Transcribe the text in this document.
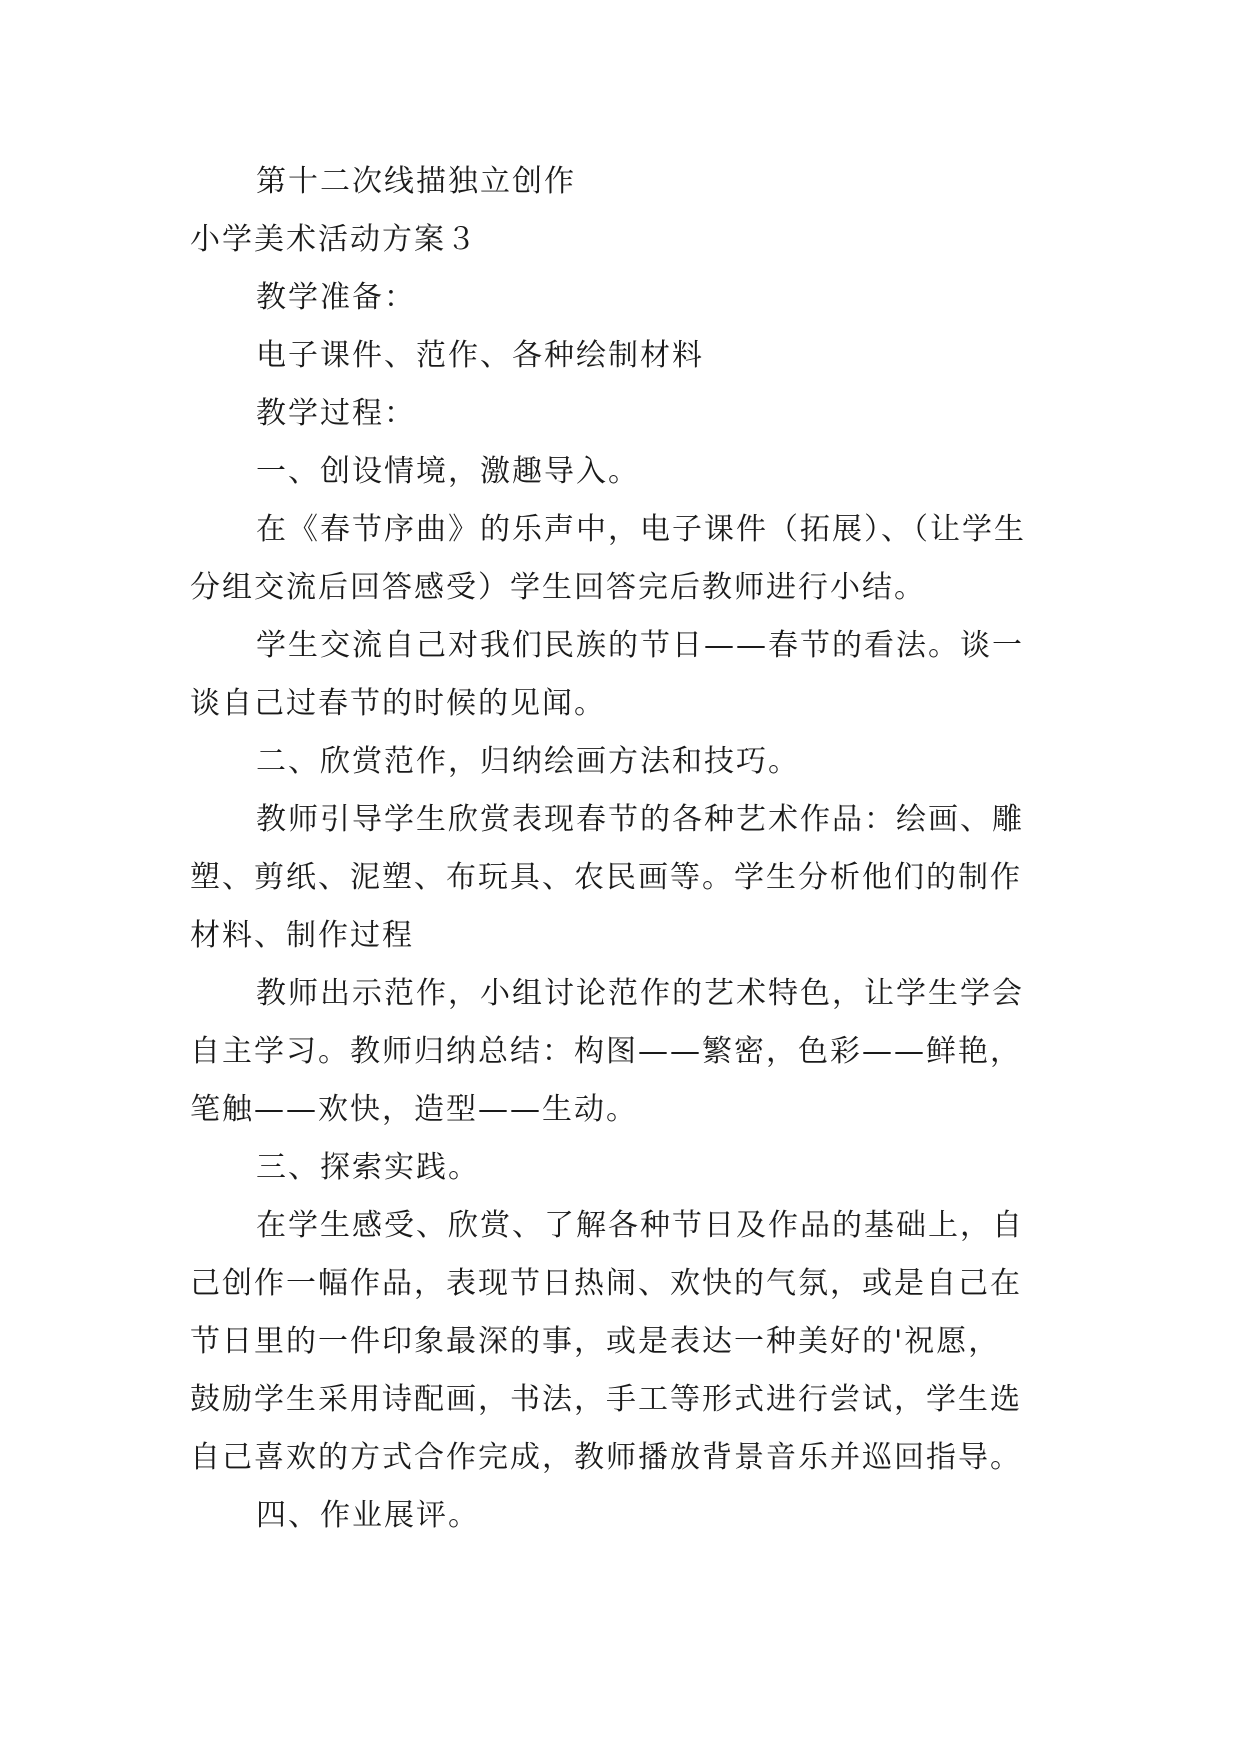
第十二次线描独立创作
小学美术活动方案３
教学准备：
电子课件、范作、各种绘制材料
教学过程：
一、创设情境，激趣导入。
在《春节序曲》的乐声中，电子课件（拓展）、（让学生
分组交流后回答感受）学生回答完后教师进行小结。
学生交流自己对我们民族的节日——春节的看法。谈一
谈自己过春节的时候的见闻。
二、欣赏范作，归纳绘画方法和技巧。
教师引导学生欣赏表现春节的各种艺术作品：绘画、雕
塑、剪纸、泥塑、布玩具、农民画等。学生分析他们的制作
材料、制作过程
教师出示范作，小组讨论范作的艺术特色，让学生学会
自主学习。教师归纳总结：构图——繁密，色彩——鲜艳，
笔触——欢快，造型——生动。
三、探索实践。
在学生感受、欣赏、了解各种节日及作品的基础上，自
己创作一幅作品，表现节日热闹、欢快的气氛，或是自己在
节日里的一件印象最深的事，或是表达一种美好的'祝愿，
鼓励学生采用诗配画，书法，手工等形式进行尝试，学生选
自己喜欢的方式合作完成，教师播放背景音乐并巡回指导。
四、作业展评。
